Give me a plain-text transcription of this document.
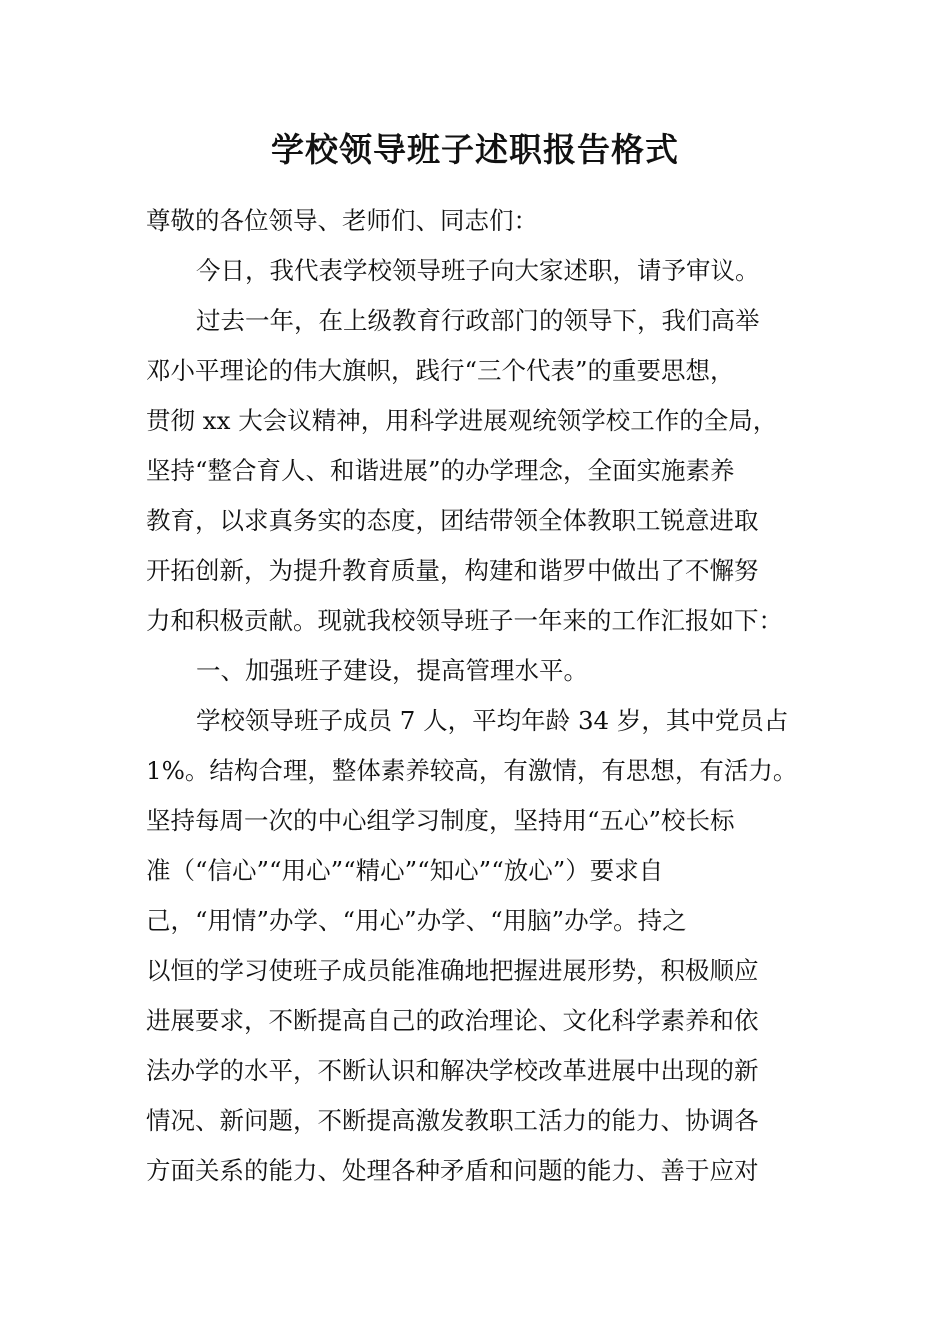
学校领导班子述职报告格式
尊敬的各位领导、老师们、同志们：
今日，我代表学校领导班子向大家述职，请予审议。
过去一年，在上级教育行政部门的领导下，我们高举
邓小平理论的伟大旗帜，践行“三个代表”的重要思想，
贯彻 xx 大会议精神，用科学进展观统领学校工作的全局，
坚持“整合育人、和谐进展”的办学理念，全面实施素养
教育，以求真务实的态度，团结带领全体教职工锐意进取
开拓创新，为提升教育质量，构建和谐罗中做出了不懈努
力和积极贡献。现就我校领导班子一年来的工作汇报如下：
一、加强班子建设，提高管理水平。
学校领导班子成员 7 人，平均年龄 34 岁，其中党员占
1%。结构合理，整体素养较高，有激情，有思想，有活力。
坚持每周一次的中心组学习制度，坚持用“五心”校长标
准（“信心”“用心”“精心”“知心”“放心”）要求自
己，“用情”办学、“用心”办学、“用脑”办学。持之
以恒的学习使班子成员能准确地把握进展形势，积极顺应
进展要求，不断提高自己的政治理论、文化科学素养和依
法办学的水平，不断认识和解决学校改革进展中出现的新
情况、新问题，不断提高激发教职工活力的能力、协调各
方面关系的能力、处理各种矛盾和问题的能力、善于应对
